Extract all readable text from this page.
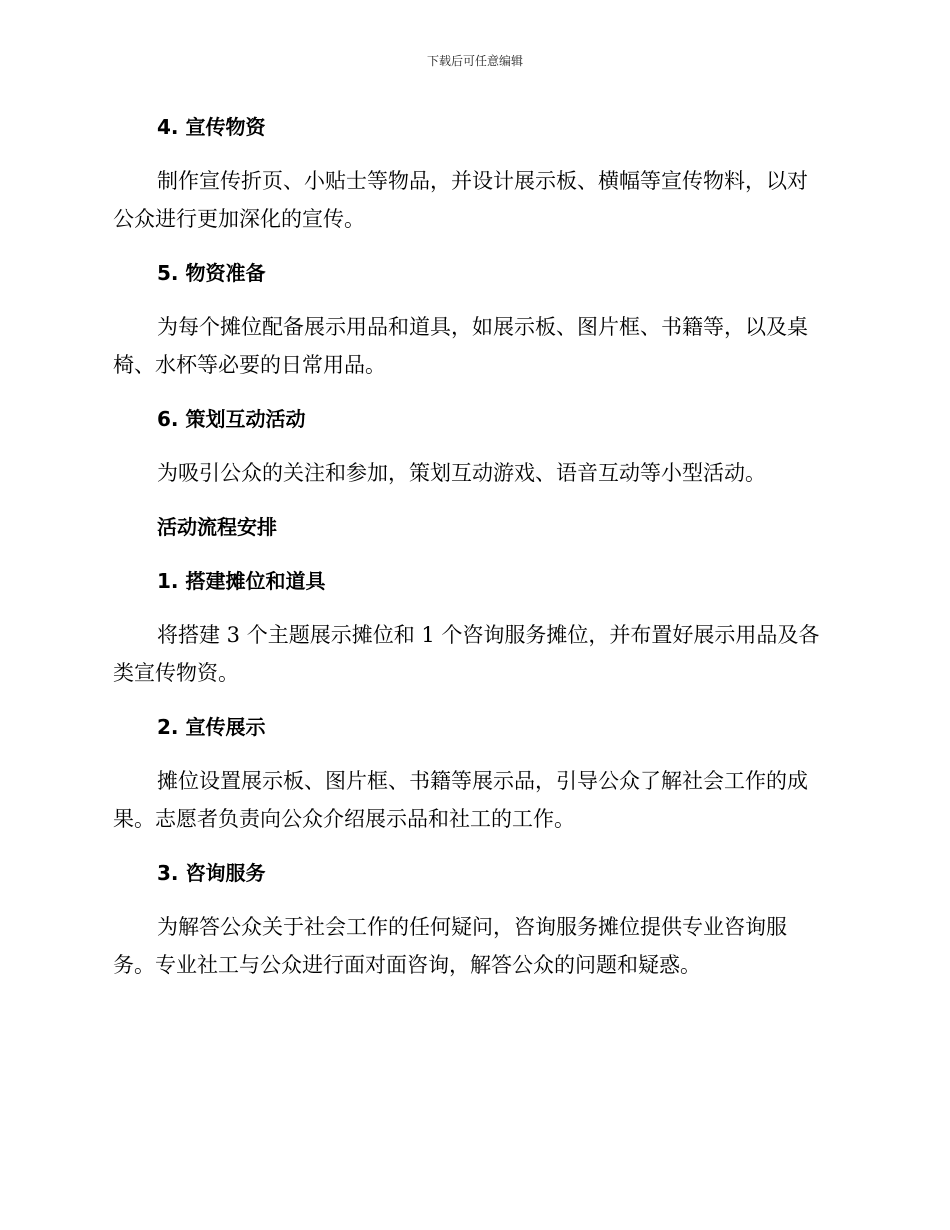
下载后可任意编辑
4. 宣传物资

制作宣传折页、小贴士等物品，并设计展示板、横幅等宣传物料，以对
公众进行更加深化的宣传。

5. 物资准备

为每个摊位配备展示用品和道具，如展示板、图片框、书籍等，以及桌
椅、水杯等必要的日常用品。

6. 策划互动活动

为吸引公众的关注和参加，策划互动游戏、语音互动等小型活动。

活动流程安排
1. 搭建摊位和道具

将搭建 3 个主题展示摊位和 1 个咨询服务摊位，并布置好展示用品及各
类宣传物资。

2. 宣传展示

摊位设置展示板、图片框、书籍等展示品，引导公众了解社会工作的成
果。志愿者负责向公众介绍展示品和社工的工作。

3. 咨询服务

为解答公众关于社会工作的任何疑问，咨询服务摊位提供专业咨询服
务。专业社工与公众进行面对面咨询，解答公众的问题和疑惑。
